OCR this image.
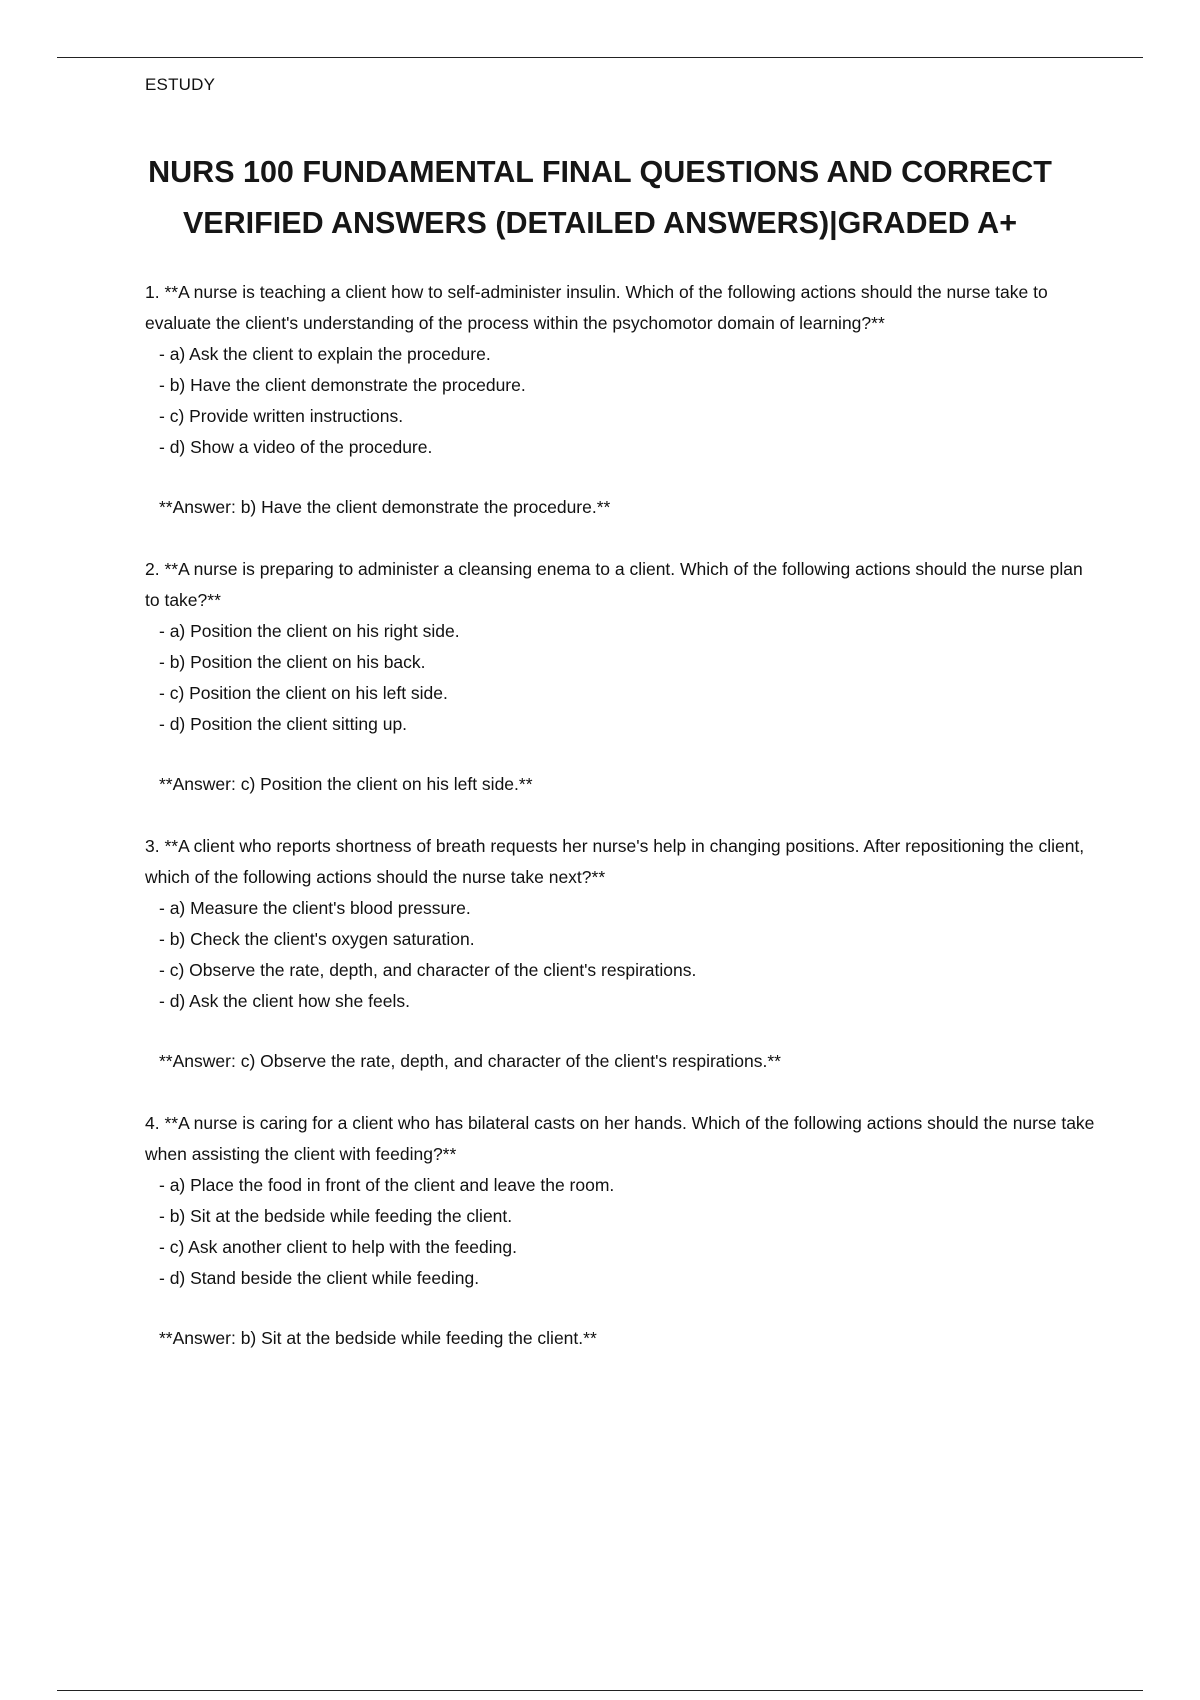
ESTUDY
NURS 100 FUNDAMENTAL FINAL QUESTIONS AND CORRECT
VERIFIED ANSWERS (DETAILED ANSWERS)|GRADED A+

1. **A nurse is teaching a client how to self-administer insulin. Which of the following actions should the nurse take to evaluate the client's understanding of the process within the psychomotor domain of learning?**

- a) Ask the client to explain the procedure.
- b) Have the client demonstrate the procedure.
- c) Provide written instructions.
- d) Show a video of the procedure.
**Answer: b) Have the client demonstrate the procedure.**

2. **A nurse is preparing to administer a cleansing enema to a client. Which of the following actions should the nurse plan to take?**

- a) Position the client on his right side.
- b) Position the client on his back.
- c) Position the client on his left side.
- d) Position the client sitting up.
**Answer: c) Position the client on his left side.**

3. **A client who reports shortness of breath requests her nurse's help in changing positions. After repositioning the client, which of the following actions should the nurse take next?**

- a) Measure the client's blood pressure.
- b) Check the client's oxygen saturation.
- c) Observe the rate, depth, and character of the client's respirations.
- d) Ask the client how she feels.
**Answer: c) Observe the rate, depth, and character of the client's respirations.**

4. **A nurse is caring for a client who has bilateral casts on her hands. Which of the following actions should the nurse take when assisting the client with feeding?**

- a) Place the food in front of the client and leave the room.
- b) Sit at the bedside while feeding the client.
- c) Ask another client to help with the feeding.
- d) Stand beside the client while feeding.
**Answer: b) Sit at the bedside while feeding the client.**
